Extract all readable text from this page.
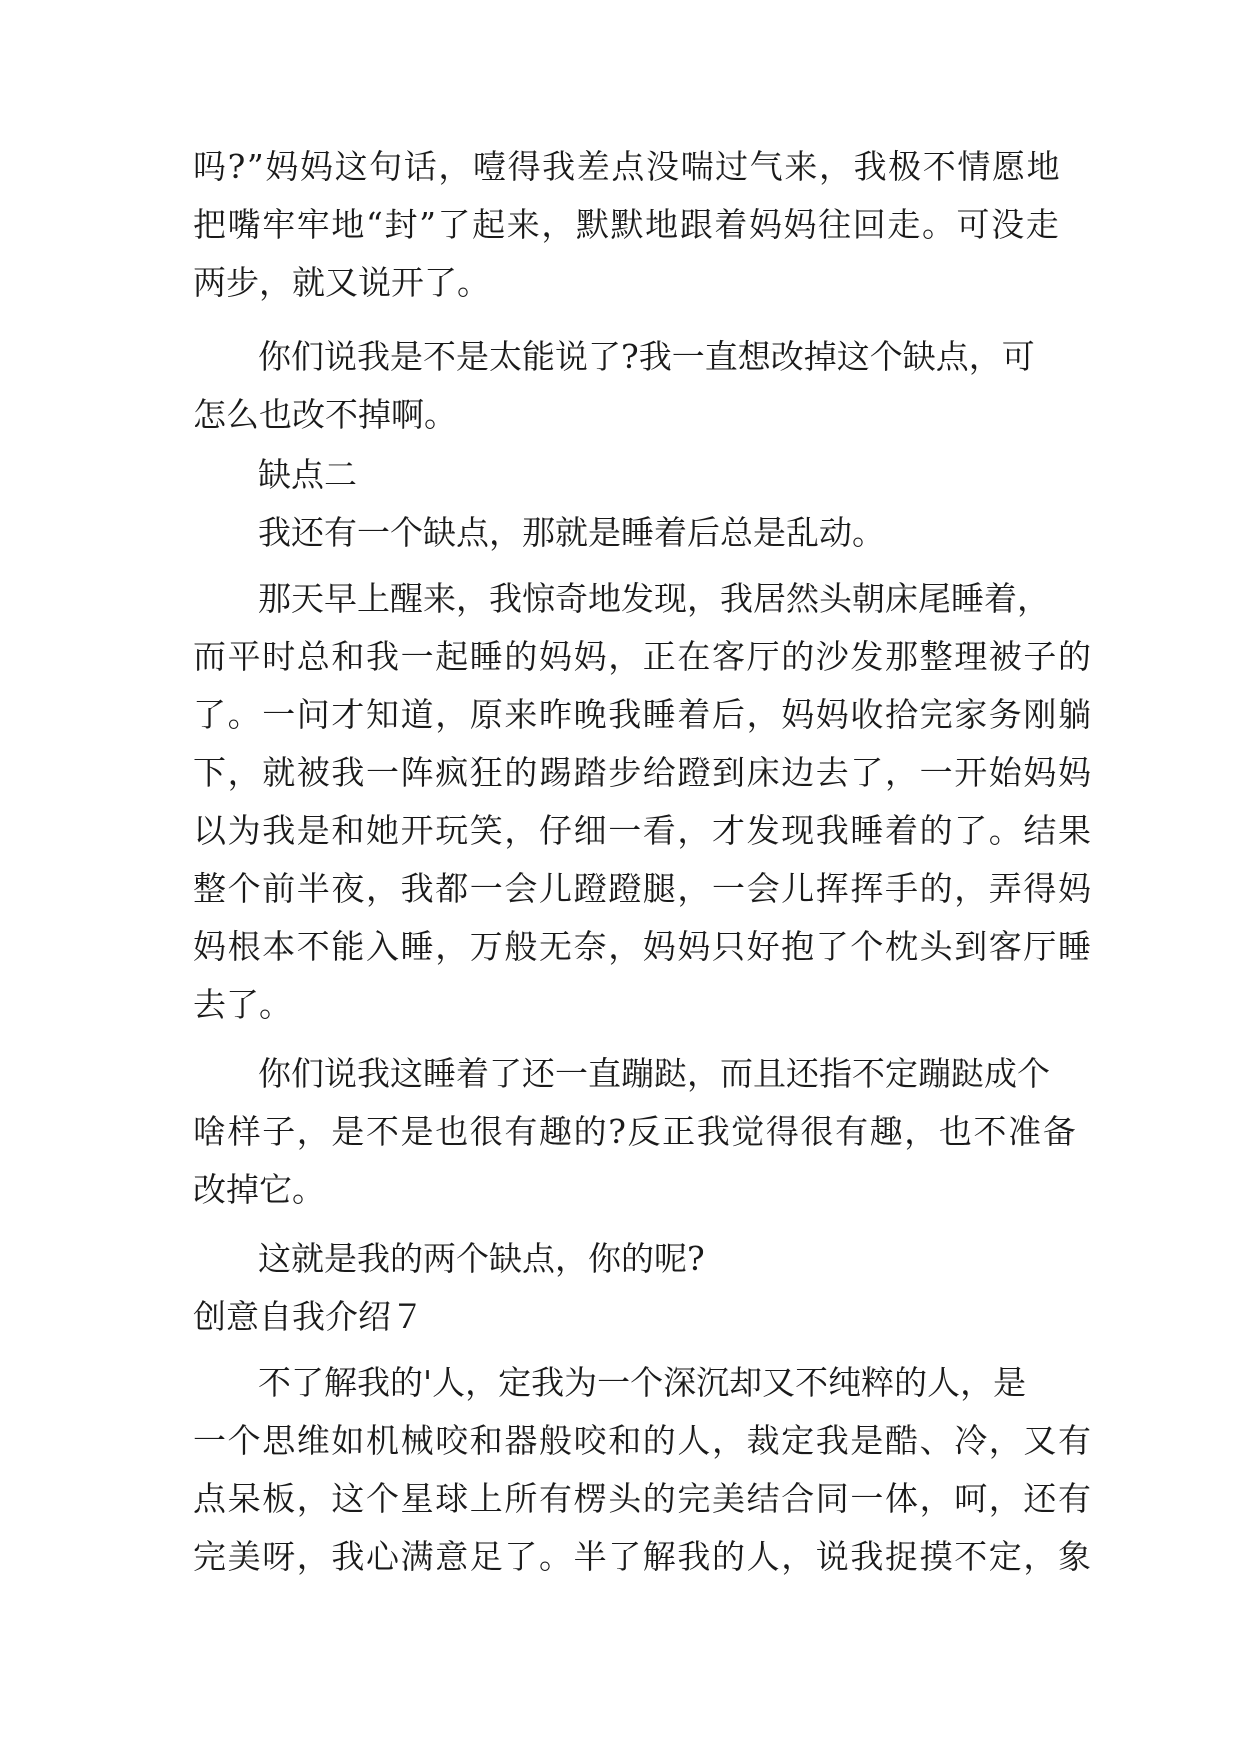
吗?”妈妈这句话，噎得我差点没喘过气来，我极不情愿地
把嘴牢牢地“封”了起来，默默地跟着妈妈往回走。可没走
两步，就又说开了。
你们说我是不是太能说了?我一直想改掉这个缺点，可
怎么也改不掉啊。
缺点二
我还有一个缺点，那就是睡着后总是乱动。
那天早上醒来，我惊奇地发现，我居然头朝床尾睡着，
而平时总和我一起睡的妈妈，正在客厅的沙发那整理被子的
了。一问才知道，原来昨晚我睡着后，妈妈收拾完家务刚躺
下，就被我一阵疯狂的踢踏步给蹬到床边去了，一开始妈妈
以为我是和她开玩笑，仔细一看，才发现我睡着的了。结果
整个前半夜，我都一会儿蹬蹬腿，一会儿挥挥手的，弄得妈
妈根本不能入睡，万般无奈，妈妈只好抱了个枕头到客厅睡
去了。
你们说我这睡着了还一直蹦跶，而且还指不定蹦跶成个
啥样子，是不是也很有趣的?反正我觉得很有趣，也不准备
改掉它。
这就是我的两个缺点，你的呢?
创意自我介绍７
不了解我的'人，定我为一个深沉却又不纯粹的人，是
一个思维如机械咬和器般咬和的人，裁定我是酷、冷，又有
点呆板，这个星球上所有楞头的完美结合同一体，呵，还有
完美呀，我心满意足了。半了解我的人，说我捉摸不定，象
